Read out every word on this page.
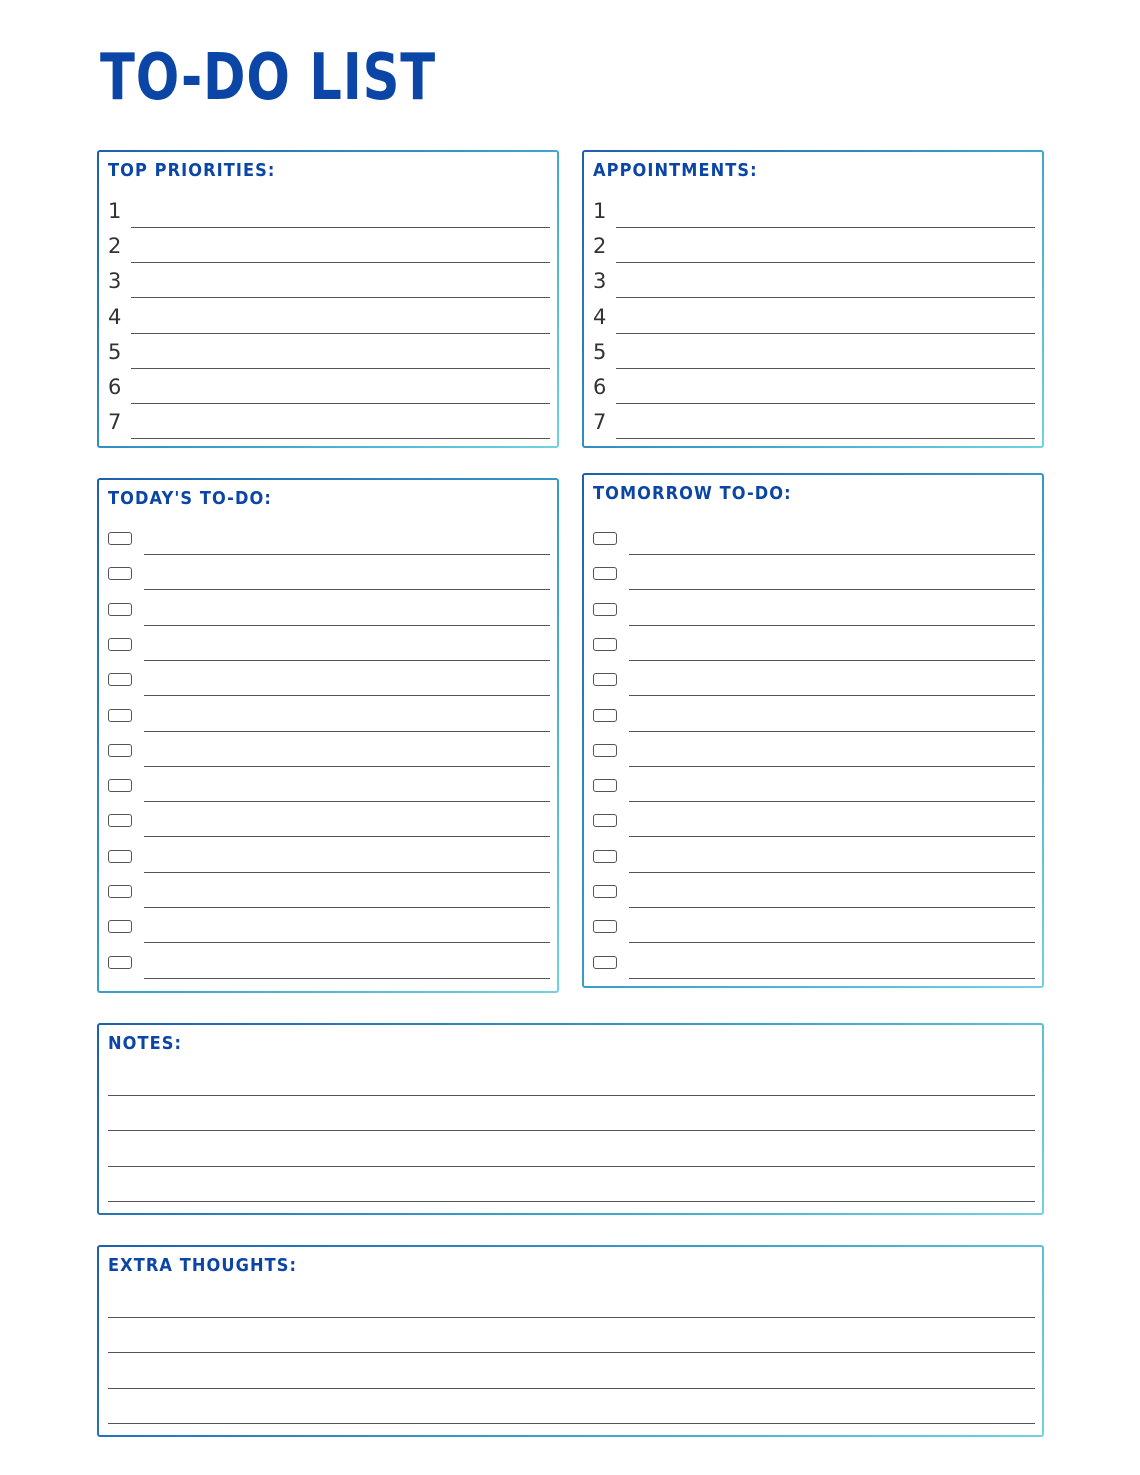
TO-DO LIST
TOP PRIORITIES:
1
2
3
4
5
6
7
APPOINTMENTS:
1
2
3
4
5
6
7
TODAY'S TO-DO:	TOMORROW TO-DO:
NOTES:
EXTRA THOUGHTS:
